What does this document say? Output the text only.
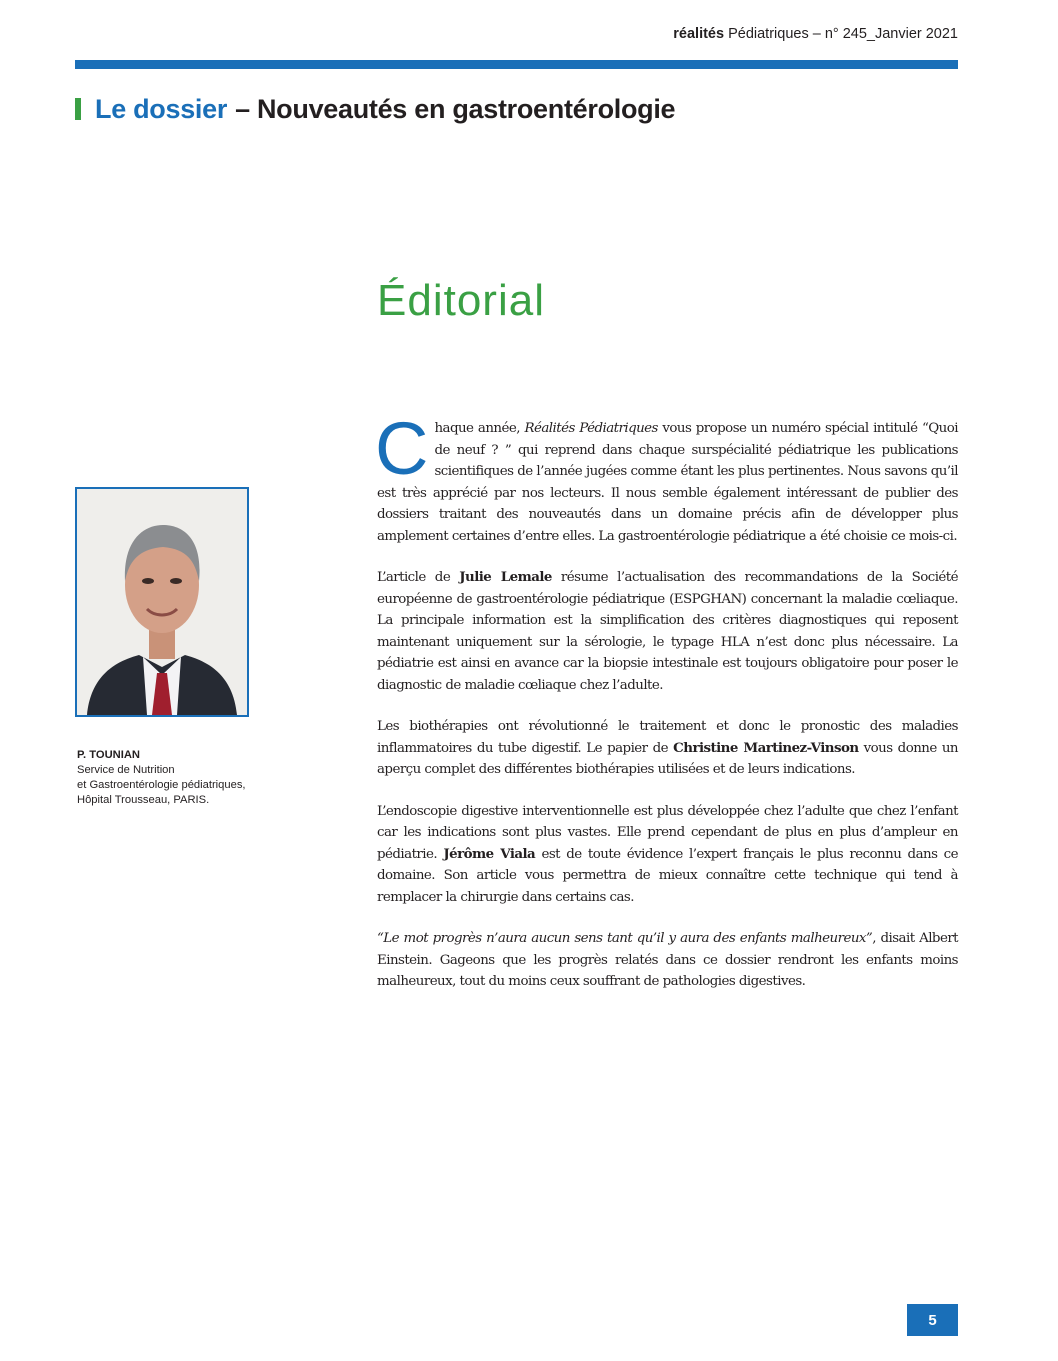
réalités Pédiatriques – n° 245_Janvier 2021
Le dossier – Nouveautés en gastroentérologie
Éditorial
P. TOUNIAN
Service de Nutrition
et Gastroentérologie pédiatriques,
Hôpital Trousseau, PARIS.

Chaque année, Réalités Pédiatriques vous propose un numéro spécial intitulé “Quoi de neuf ? ” qui reprend dans chaque surspécialité pédiatrique les publications scientifiques de l’année jugées comme étant les plus pertinentes. Nous savons qu’il est très apprécié par nos lecteurs. Il nous semble également intéressant de publier des dossiers traitant des nouveautés dans un domaine précis afin de développer plus amplement certaines d’entre elles. La gastroentérologie pédiatrique a été choisie ce mois-ci.

L’article de Julie Lemale résume l’actualisation des recommandations de la Société européenne de gastroentérologie pédiatrique (ESPGHAN) concernant la maladie cœliaque. La principale information est la simplification des critères diagnostiques qui reposent maintenant uniquement sur la sérologie, le typage HLA n’est donc plus nécessaire. La pédiatrie est ainsi en avance car la biopsie intestinale est toujours obligatoire pour poser le diagnostic de maladie cœliaque chez l’adulte.

Les biothérapies ont révolutionné le traitement et donc le pronostic des maladies inflammatoires du tube digestif. Le papier de Christine Martinez-Vinson vous donne un aperçu complet des différentes biothérapies utilisées et de leurs indications.

L’endoscopie digestive interventionnelle est plus développée chez l’adulte que chez l’enfant car les indications sont plus vastes. Elle prend cependant de plus en plus d’ampleur en pédiatrie. Jérôme Viala est de toute évidence l’expert français le plus reconnu dans ce domaine. Son article vous permettra de mieux connaître cette technique qui tend à remplacer la chirurgie dans certains cas.

“Le mot progrès n’aura aucun sens tant qu’il y aura des enfants malheureux”, disait Albert Einstein. Gageons que les progrès relatés dans ce dossier rendront les enfants moins malheureux, tout du moins ceux souffrant de pathologies digestives.

5
